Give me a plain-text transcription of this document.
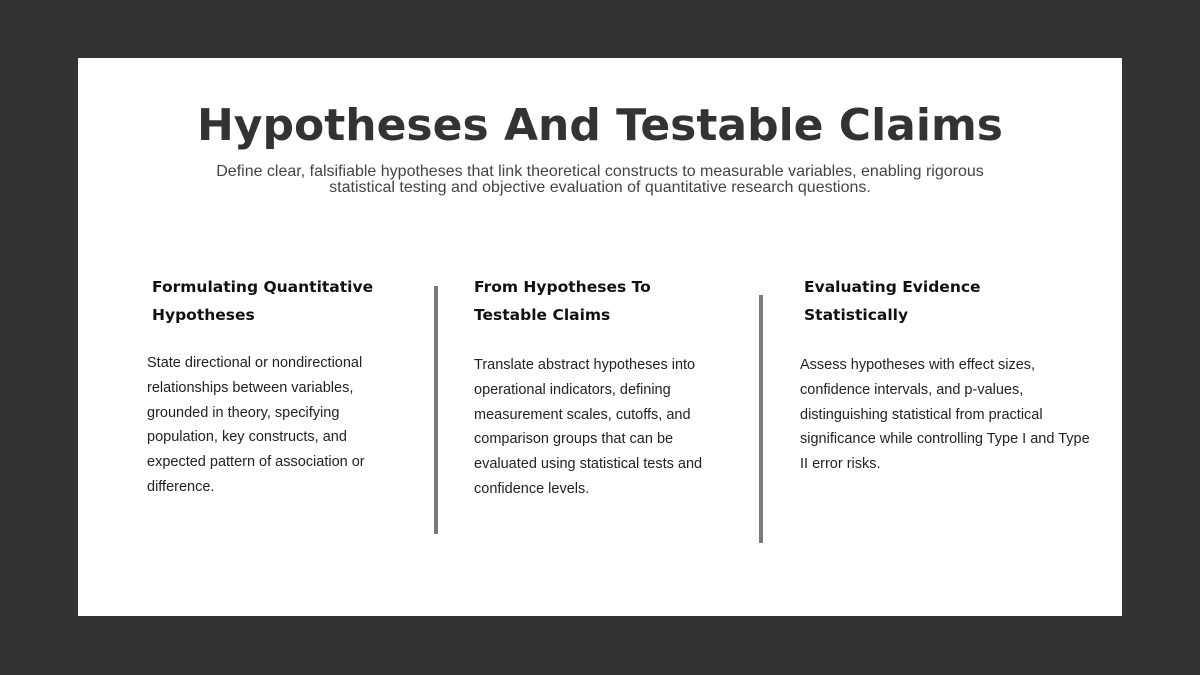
Hypotheses And Testable Claims

Define clear, falsifiable hypotheses that link theoretical constructs to measurable variables, enabling rigorous statistical testing and objective evaluation of quantitative research questions.

Formulating Quantitative Hypotheses

State directional or nondirectional relationships between variables, grounded in theory, specifying population, key constructs, and expected pattern of association or difference.

From Hypotheses To Testable Claims

Translate abstract hypotheses into operational indicators, defining measurement scales, cutoffs, and comparison groups that can be evaluated using statistical tests and confidence levels.

Evaluating Evidence Statistically

Assess hypotheses with effect sizes, confidence intervals, and p-values, distinguishing statistical from practical significance while controlling Type I and Type II error risks.
